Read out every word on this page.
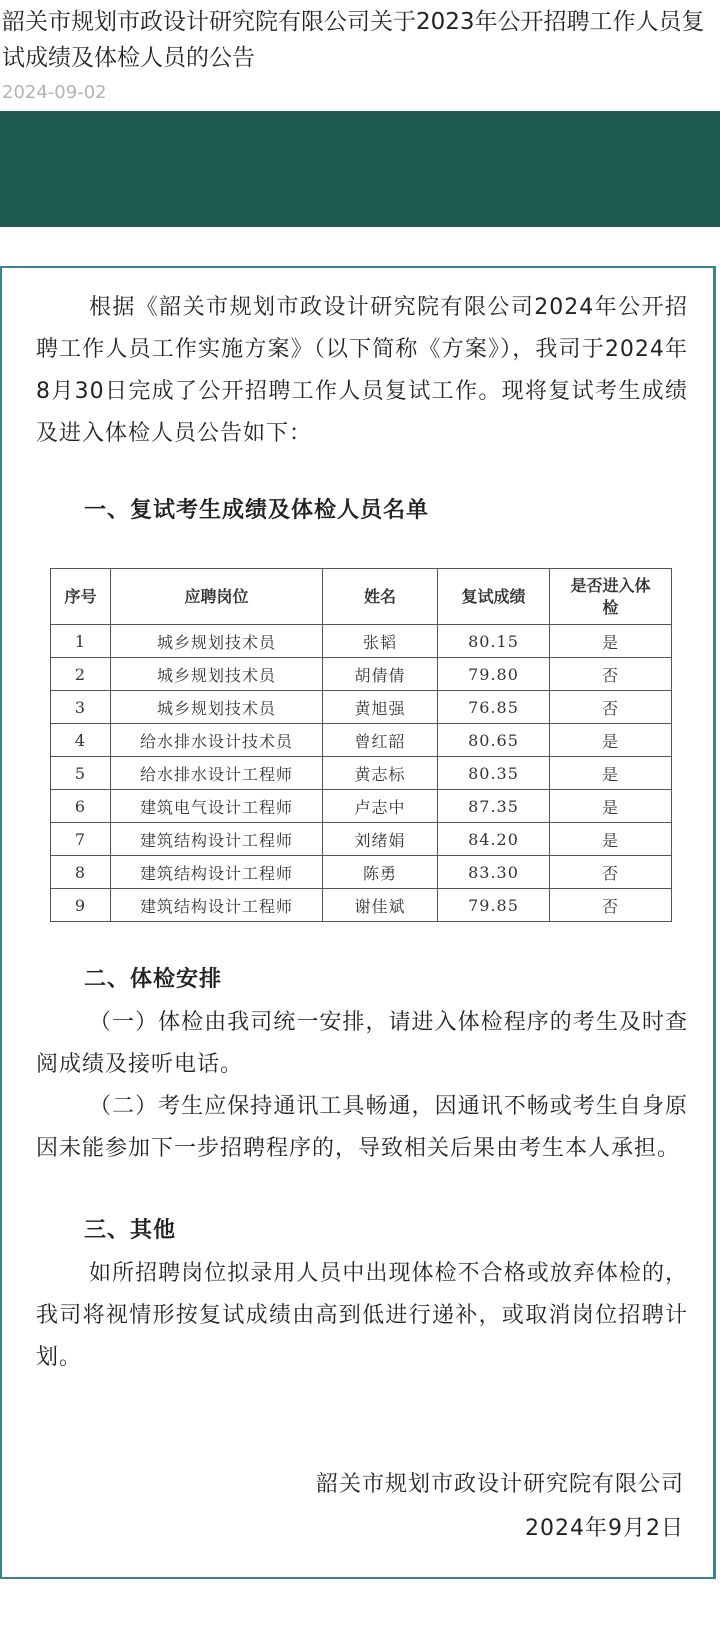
韶关市规划市政设计研究院有限公司关于2023年公开招聘工作人员复试成绩及体检人员的公告
2024-09-02

根据《韶关市规划市政设计研究院有限公司2024年公开招聘工作人员工作实施方案》（以下简称《方案》），我司于2024年8月30日完成了公开招聘工作人员复试工作。现将复试考生成绩及进入体检人员公告如下：

一、复试考生成绩及体检人员名单

序号	应聘岗位	姓名	复试成绩	是否进入体检
1	城乡规划技术员	张韬	80.15	是
2	城乡规划技术员	胡倩倩	79.80	否
3	城乡规划技术员	黄旭强	76.85	否
4	给水排水设计技术员	曾红韶	80.65	是
5	给水排水设计工程师	黄志标	80.35	是
6	建筑电气设计工程师	卢志中	87.35	是
7	建筑结构设计工程师	刘绪娟	84.20	是
8	建筑结构设计工程师	陈勇	83.30	否
9	建筑结构设计工程师	谢佳斌	79.85	否

二、体检安排

（一）体检由我司统一安排，请进入体检程序的考生及时查阅成绩及接听电话。

（二）考生应保持通讯工具畅通，因通讯不畅或考生自身原因未能参加下一步招聘程序的，导致相关后果由考生本人承担。

三、其他

如所招聘岗位拟录用人员中出现体检不合格或放弃体检的，我司将视情形按复试成绩由高到低进行递补，或取消岗位招聘计划。

韶关市规划市政设计研究院有限公司

2024年9月2日
